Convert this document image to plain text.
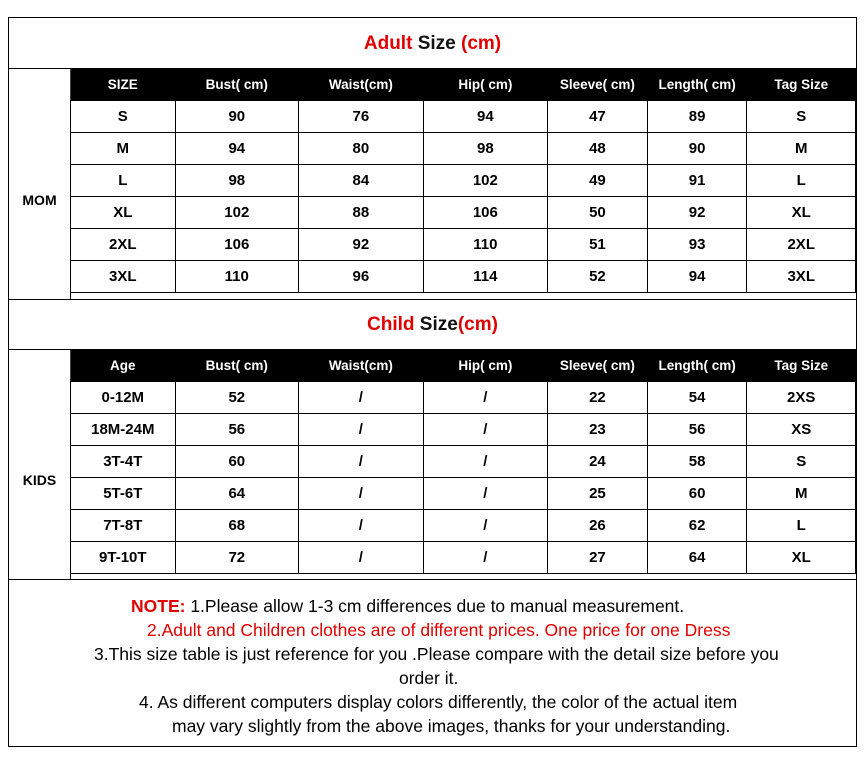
Adult Size (cm)
MOM
SIZE	Bust( cm)	Waist(cm)	Hip( cm)	Sleeve( cm)	Length( cm)	Tag Size
S	90	76	94	47	89	S
M	94	80	98	48	90	M
L	98	84	102	49	91	L
XL	102	88	106	50	92	XL
2XL	106	92	110	51	93	2XL
3XL	110	96	114	52	94	3XL
Child Size(cm)
KIDS
Age	Bust( cm)	Waist(cm)	Hip( cm)	Sleeve( cm)	Length( cm)	Tag Size
0-12M	52	/	/	22	54	2XS
18M-24M	56	/	/	23	56	XS
3T-4T	60	/	/	24	58	S
5T-6T	64	/	/	25	60	M
7T-8T	68	/	/	26	62	L
9T-10T	72	/	/	27	64	XL
NOTE: 1.Please allow 1-3 cm differences due to manual measurement.
2.Adult and Children clothes are of different prices. One price for one Dress
3.This size table is just reference for you .Please compare with the detail size before you
order it.
4. As different computers display colors differently, the color of the actual item
may vary slightly from the above images, thanks for your understanding.
